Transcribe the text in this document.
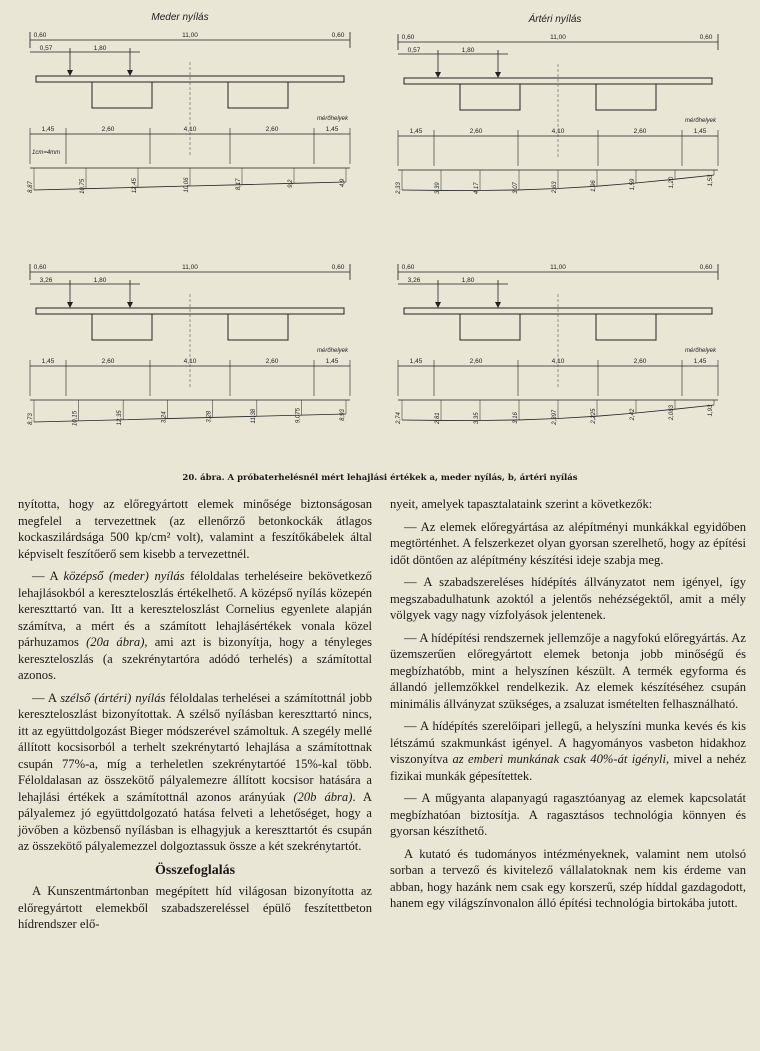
Meder nyílás	Ártéri nyílás
0,60	11,00	0,60
0,57	1,80
1,45	2,60	4,10	2,60	1,45
mérőhelyek
1cm=4mm
8,87	10,75	12,45	10,06	8,17	9,2	4,9
0,60	11,00	0,60
0,57	1,80
1,45	2,60	4,10	2,60	1,45
mérőhelyek
2,33	3,39	4,17	3,07	2,63	1,96	1,59	1,20	1,53
0,60	11,00	0,60
3,26	1,80
1,45	2,60	4,10	2,60	1,45
mérőhelyek
8,73	10,15	12,35	3,24	3,28	11,38	9,075	8,93
0,60	11,00	0,60
3,26	1,80
1,45	2,60	4,10	2,60	1,45
mérőhelyek
2,74	2,81	3,35	3,16	2,397	2,225	2,42	2,063	1,93
20. ábra. A próbaterhelésnél mért lehajlási értékek a, meder nyílás, b, ártéri nyílás

nyította, hogy az előregyártott elemek minősége biztonságosan megfelel a tervezettnek (az ellenőrző betonkockák átlagos kockaszilárdsága 500 kp/cm² volt), valamint a feszítőkábelek által képviselt feszítőerő sem kisebb a tervezettnél.

— A középső (meder) nyílás féloldalas terheléseire bekövetkező lehajlásokból a kereszteloszlás értékelhető. A középső nyílás közepén kereszttartó van. Itt a kereszteloszlást Cornelius egyenlete alapján számítva, a mért és a számított lehajlásértékek vonala közel párhuzamos (20a ábra), ami azt is bizonyítja, hogy a tényleges kereszteloszlás (a szekrénytartóra adódó terhelés) a számítottal azonos.

— A szélső (ártéri) nyílás féloldalas terhelései a számítottnál jobb kereszteloszlást bizonyítottak. A szélső nyílásban kereszttartó nincs, itt az együttdolgozást Bieger módszerével számoltuk. A szegély mellé állított kocsisorból a terhelt szekrénytartó lehajlása a számítottnak csupán 77%-a, míg a terheletlen szekrénytartóé 15%-kal több. Féloldalasan az összekötő pályalemezre állított kocsisor hatására a lehajlási értékek a számítottnál azonos arányúak (20b ábra). A pályalemez jó együttdolgozató hatása felveti a lehetőséget, hogy a jövőben a közbenső nyílásban is elhagyjuk a kereszttartót és csupán az összekötő pályalemezzel dolgoztassuk össze a két szekrénytartót.

Összefoglalás

A Kunszentmártonban megépített híd világosan bizonyította az előregyártott elemekből szabadszereléssel épülő feszítettbeton hídrendszer elő-

nyeit, amelyek tapasztalataink szerint a következők:

— Az elemek előregyártása az alépítményi munkákkal egyidőben megtörténhet. A felszerkezet olyan gyorsan szerelhető, hogy az építési időt döntően az alépítmény készítési ideje szabja meg.

— A szabadszereléses hídépítés állványzatot nem igényel, így megszabadulhatunk azoktól a jelentős nehézségektől, amit a mély völgyek vagy nagy vízfolyások jelentenek.

— A hídépítési rendszernek jellemzője a nagyfokú előregyártás. Az üzemszerűen előregyártott elemek betonja jobb minőségű és megbízhatóbb, mint a helyszínen készült. A termék egyforma és állandó jellemzőkkel rendelkezik. Az elemek készítéséhez csupán minimális állványzat szükséges, a zsaluzat ismételten felhasználható.

— A hídépítés szerelőipari jellegű, a helyszíni munka kevés és kis létszámú szakmunkást igényel. A hagyományos vasbeton hidakhoz viszonyítva az emberi munkának csak 40%-át igényli, mivel a nehéz fizikai munkák gépesítettek.

— A műgyanta alapanyagú ragasztóanyag az elemek kapcsolatát megbízhatóan biztosítja. A ragasztásos technológia könnyen és gyorsan készíthető.

A kutató és tudományos intézményeknek, valamint nem utolsó sorban a tervező és kivitelező vállalatoknak nem kis érdeme van abban, hogy hazánk nem csak egy korszerű, szép híddal gazdagodott, hanem egy világszínvonalon álló építési technológia birtokába jutott.
